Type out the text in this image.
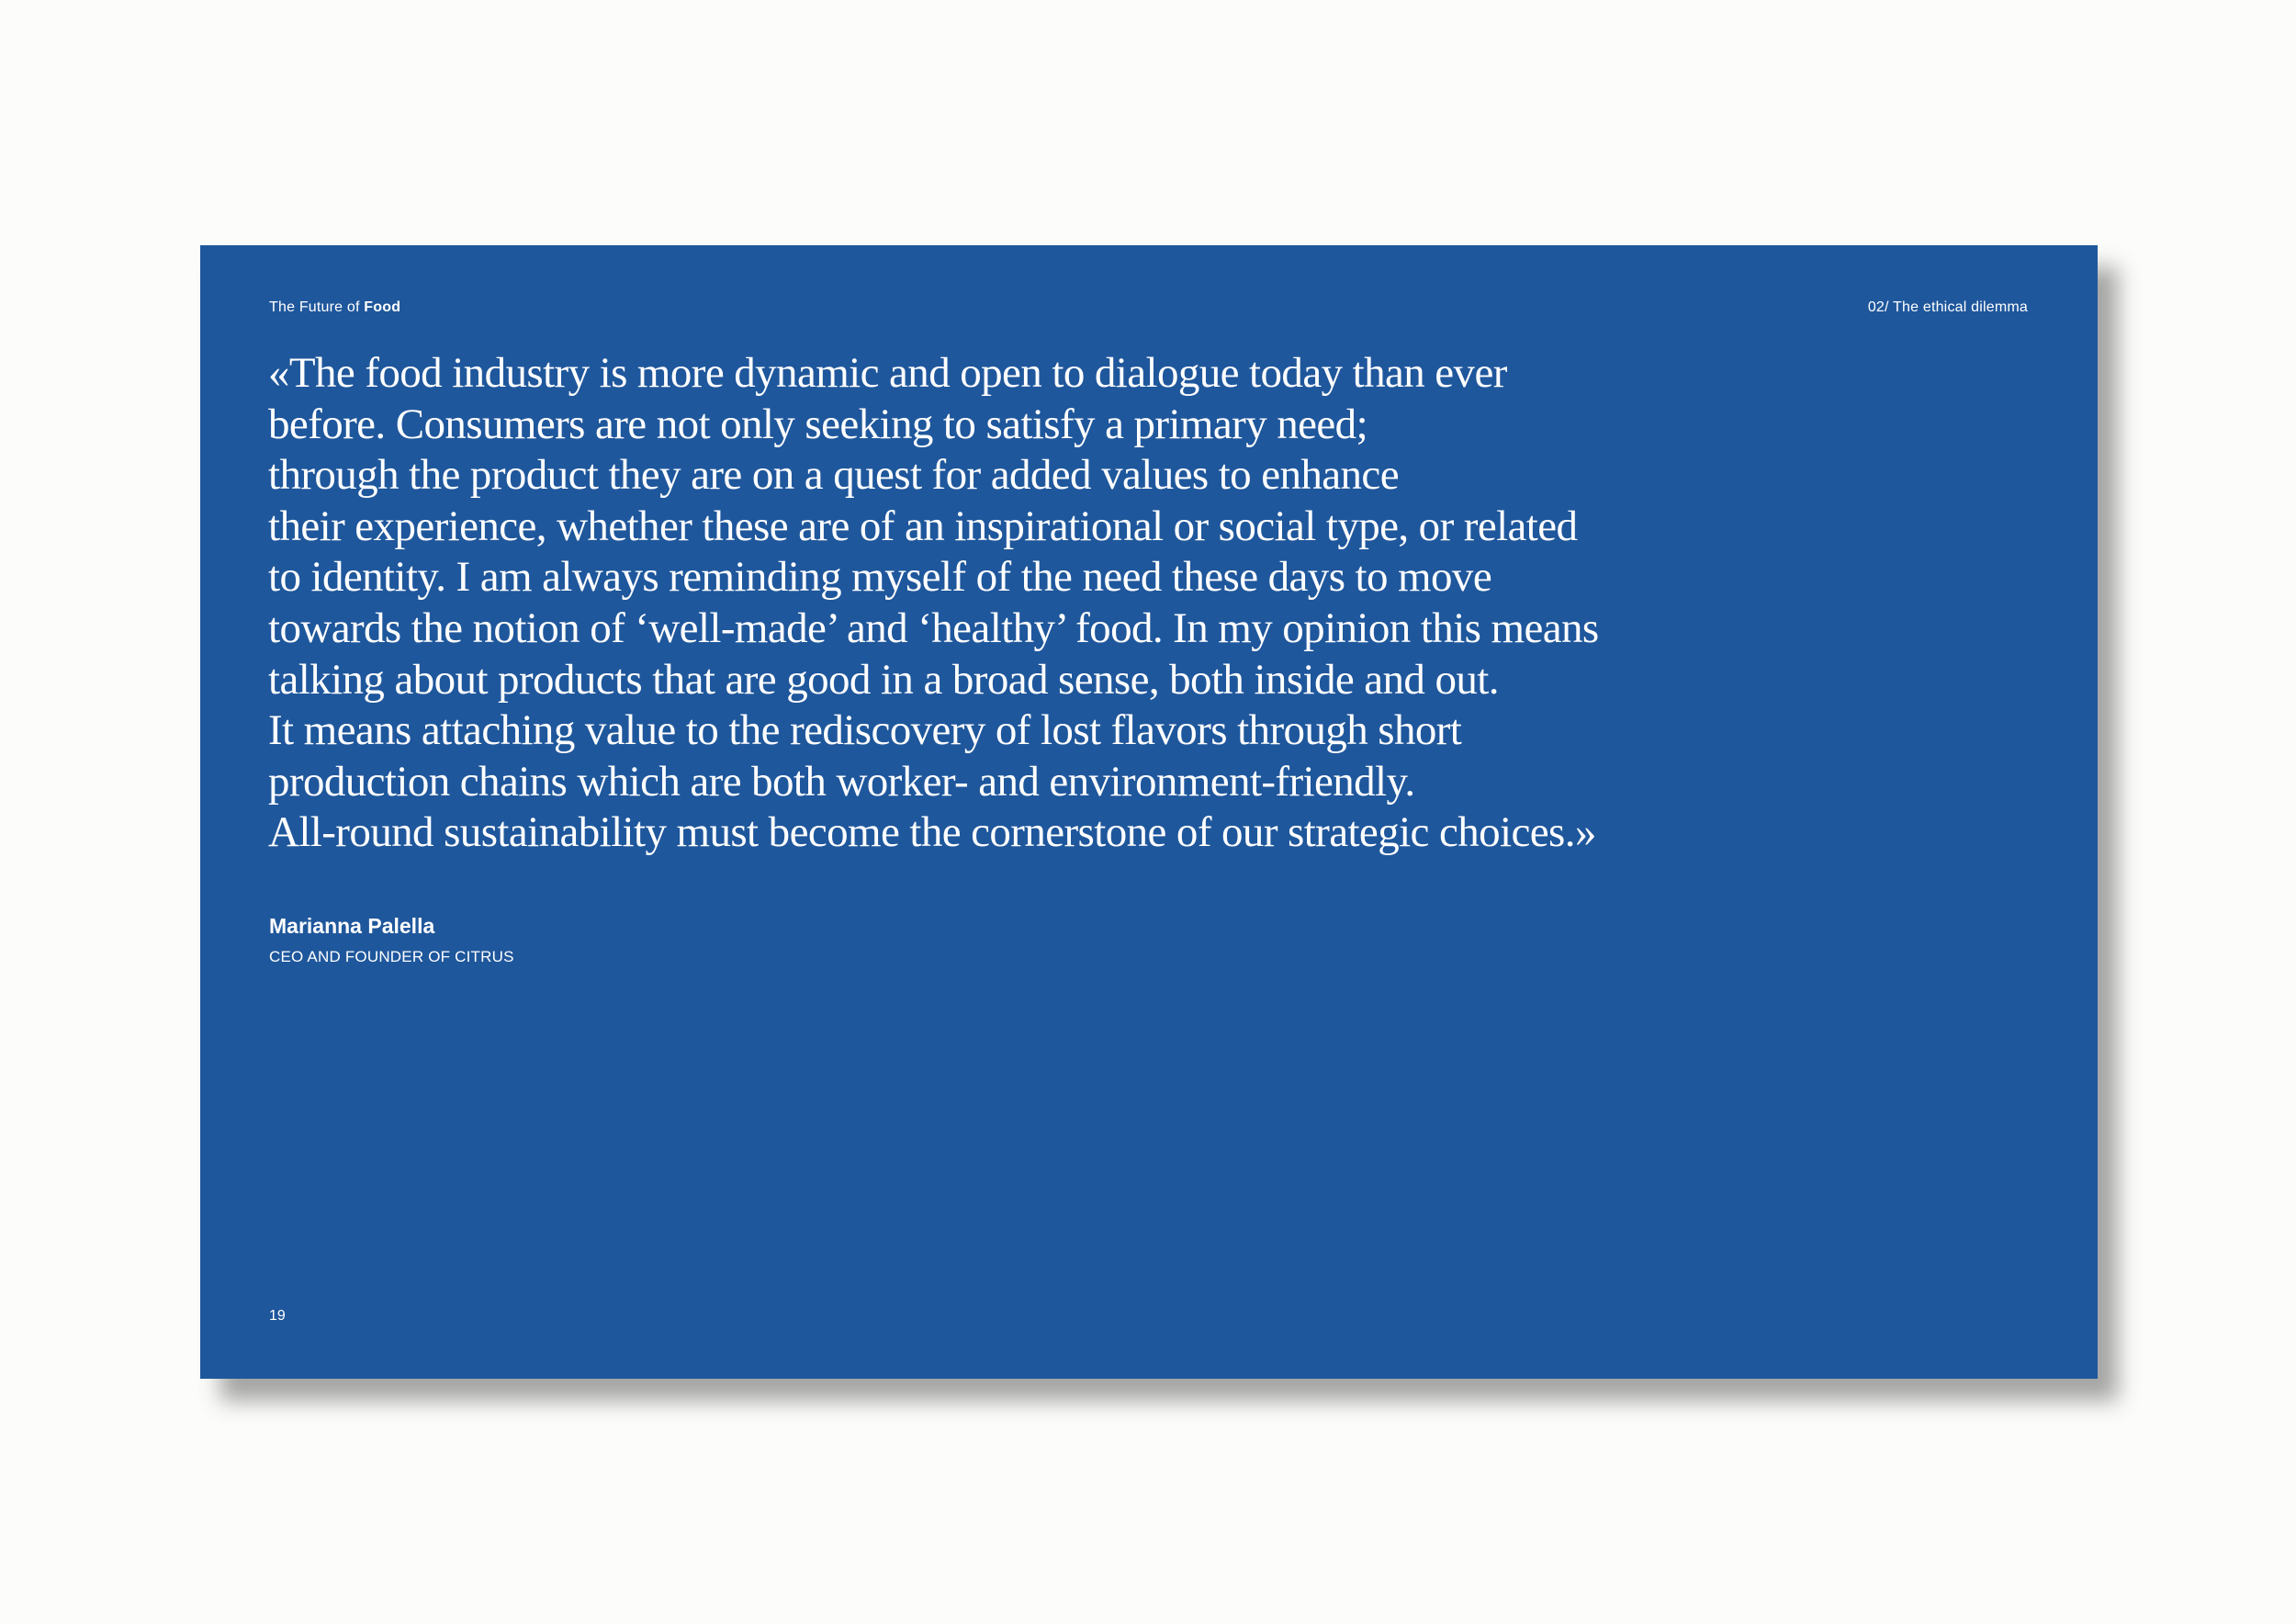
The Future of Food	02/ The ethical dilemma

«The food industry is more dynamic and open to dialogue today than ever
before. Consumers are not only seeking to satisfy a primary need;
through the product they are on a quest for added values to enhance
their experience, whether these are of an inspirational or social type, or related
to identity. I am always reminding myself of the need these days to move
towards the notion of ‘well-made’ and ‘healthy’ food. In my opinion this means
talking about products that are good in a broad sense, both inside and out.
It means attaching value to the rediscovery of lost flavors through short
production chains which are both worker- and environment-friendly.
All-round sustainability must become the cornerstone of our strategic choices.»

Marianna Palella
CEO AND FOUNDER OF CITRUS
19
